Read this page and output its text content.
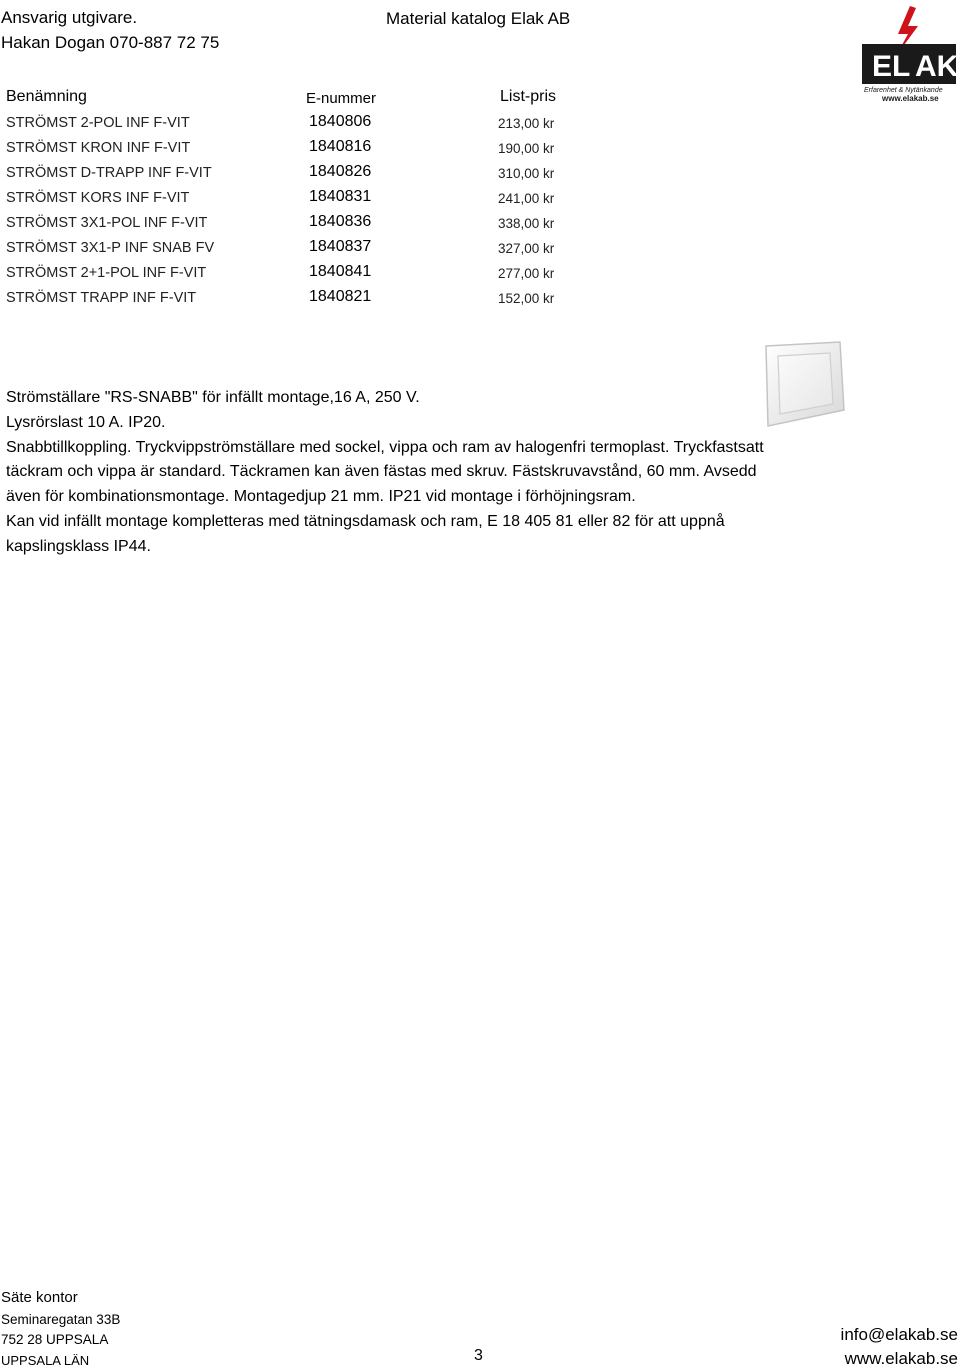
Ansvarig utgivare.
Hakan Dogan 070-887 72 75
Material katalog Elak AB
EL AK
Erfarenhet & Nytänkande
www.elakab.se
Benämning	E-nummer	List-pris
STRÖMST 2-POL INF F-VIT	1840806	213,00 kr
STRÖMST KRON INF F-VIT	1840816	190,00 kr
STRÖMST D-TRAPP INF F-VIT	1840826	310,00 kr
STRÖMST KORS INF F-VIT	1840831	241,00 kr
STRÖMST 3X1-POL INF F-VIT	1840836	338,00 kr
STRÖMST 3X1-P INF SNAB FV	1840837	327,00 kr
STRÖMST 2+1-POL INF F-VIT	1840841	277,00 kr
STRÖMST TRAPP INF F-VIT	1840821	152,00 kr

Strömställare "RS-SNABB" för infällt montage,16 A, 250 V.

Lysrörslast 10 A. IP20.

Snabbtillkoppling. Tryckvippströmställare med sockel, vippa och ram av halogenfri termoplast. Tryckfastsatt

täckram och vippa är standard. Täckramen kan även fästas med skruv. Fästskruvavstånd, 60 mm. Avsedd

även för kombinationsmontage. Montagedjup 21 mm. IP21 vid montage i förhöjningsram.

Kan vid infällt montage kompletteras med tätningsdamask och ram, E 18 405 81 eller 82 för att uppnå

kapslingsklass IP44.

Säte kontor
Seminaregatan 33B
752 28 UPPSALA
UPPSALA LÄN	3
info@elakab.se
www.elakab.se
